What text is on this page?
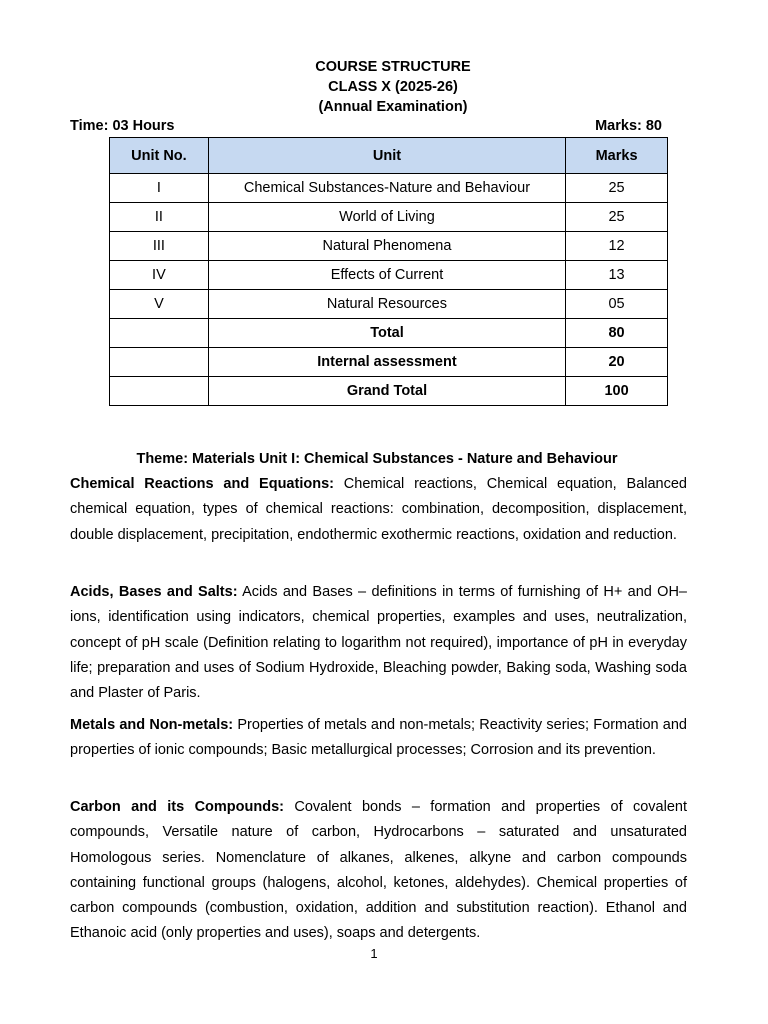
COURSE STRUCTURE
CLASS X (2025-26)
(Annual Examination)
Time: 03 Hours	Marks: 80
Unit No.	Unit	Marks
I	Chemical Substances-Nature and Behaviour	25
II	World of Living	25
III	Natural Phenomena	12
IV	Effects of Current	13
V	Natural Resources	05
	Total	80
	Internal assessment	20
	Grand Total	100
Theme: Materials Unit I: Chemical Substances - Nature and Behaviour

Chemical Reactions and Equations: Chemical reactions, Chemical equation, Balanced chemical equation, types of chemical reactions: combination, decomposition, displacement, double displacement, precipitation, endothermic exothermic reactions, oxidation and reduction.

Acids, Bases and Salts: Acids and Bases – definitions in terms of furnishing of H+ and OH– ions, identification using indicators, chemical properties, examples and uses, neutralization, concept of pH scale (Definition relating to logarithm not required), importance of pH in everyday life; preparation and uses of Sodium Hydroxide, Bleaching powder, Baking soda, Washing soda and Plaster of Paris.

Metals and Non-metals: Properties of metals and non-metals; Reactivity series; Formation and properties of ionic compounds; Basic metallurgical processes; Corrosion and its prevention.

Carbon and its Compounds: Covalent bonds – formation and properties of covalent compounds, Versatile nature of carbon, Hydrocarbons – saturated and unsaturated Homologous series. Nomenclature of alkanes, alkenes, alkyne and carbon compounds containing functional groups (halogens, alcohol, ketones, aldehydes). Chemical properties of carbon compounds (combustion, oxidation, addition and substitution reaction). Ethanol and Ethanoic acid (only properties and uses), soaps and detergents.

1
